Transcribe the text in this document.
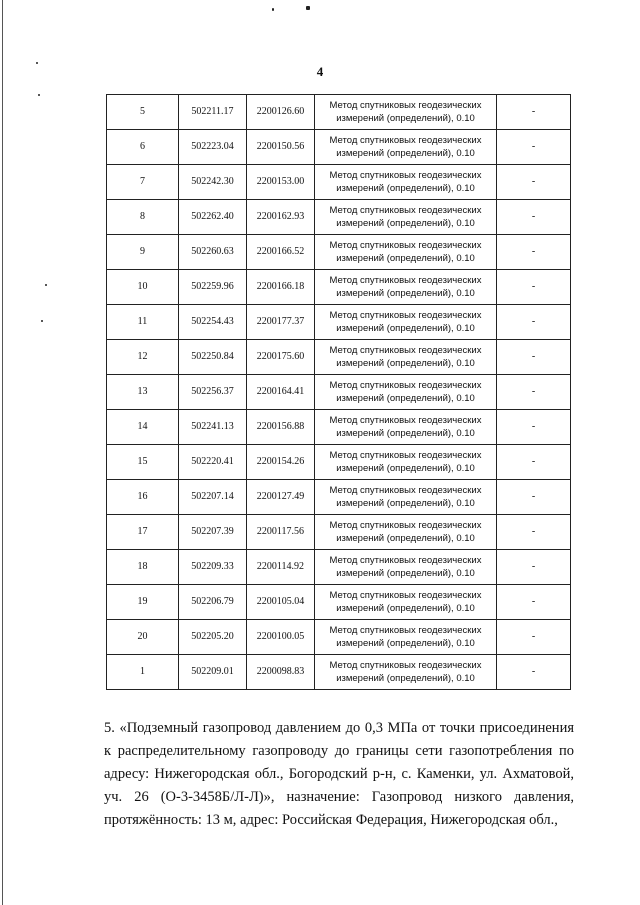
4
5	502211.17	2200126.60	Метод спутниковых геодезических измерений (определений), 0.10	-
6	502223.04	2200150.56	Метод спутниковых геодезических измерений (определений), 0.10	-
7	502242.30	2200153.00	Метод спутниковых геодезических измерений (определений), 0.10	-
8	502262.40	2200162.93	Метод спутниковых геодезических измерений (определений), 0.10	-
9	502260.63	2200166.52	Метод спутниковых геодезических измерений (определений), 0.10	-
10	502259.96	2200166.18	Метод спутниковых геодезических измерений (определений), 0.10	-
11	502254.43	2200177.37	Метод спутниковых геодезических измерений (определений), 0.10	-
12	502250.84	2200175.60	Метод спутниковых геодезических измерений (определений), 0.10	-
13	502256.37	2200164.41	Метод спутниковых геодезических измерений (определений), 0.10	-
14	502241.13	2200156.88	Метод спутниковых геодезических измерений (определений), 0.10	-
15	502220.41	2200154.26	Метод спутниковых геодезических измерений (определений), 0.10	-
16	502207.14	2200127.49	Метод спутниковых геодезических измерений (определений), 0.10	-
17	502207.39	2200117.56	Метод спутниковых геодезических измерений (определений), 0.10	-
18	502209.33	2200114.92	Метод спутниковых геодезических измерений (определений), 0.10	-
19	502206.79	2200105.04	Метод спутниковых геодезических измерений (определений), 0.10	-
20	502205.20	2200100.05	Метод спутниковых геодезических измерений (определений), 0.10	-
1	502209.01	2200098.83	Метод спутниковых геодезических измерений (определений), 0.10	-

5. «Подземный газопровод давлением до 0,3 МПа от точки присоединения к распределительному газопроводу до границы сети газопотребления по адресу: Нижегородская обл., Богородский р-н, с. Каменки, ул. Ахматовой, уч. 26 (О-3-3458Б/Л-Л)», назначение: Газопровод низкого давления, протяжённость: 13 м, адрес: Российская Федерация, Нижегородская обл.,
